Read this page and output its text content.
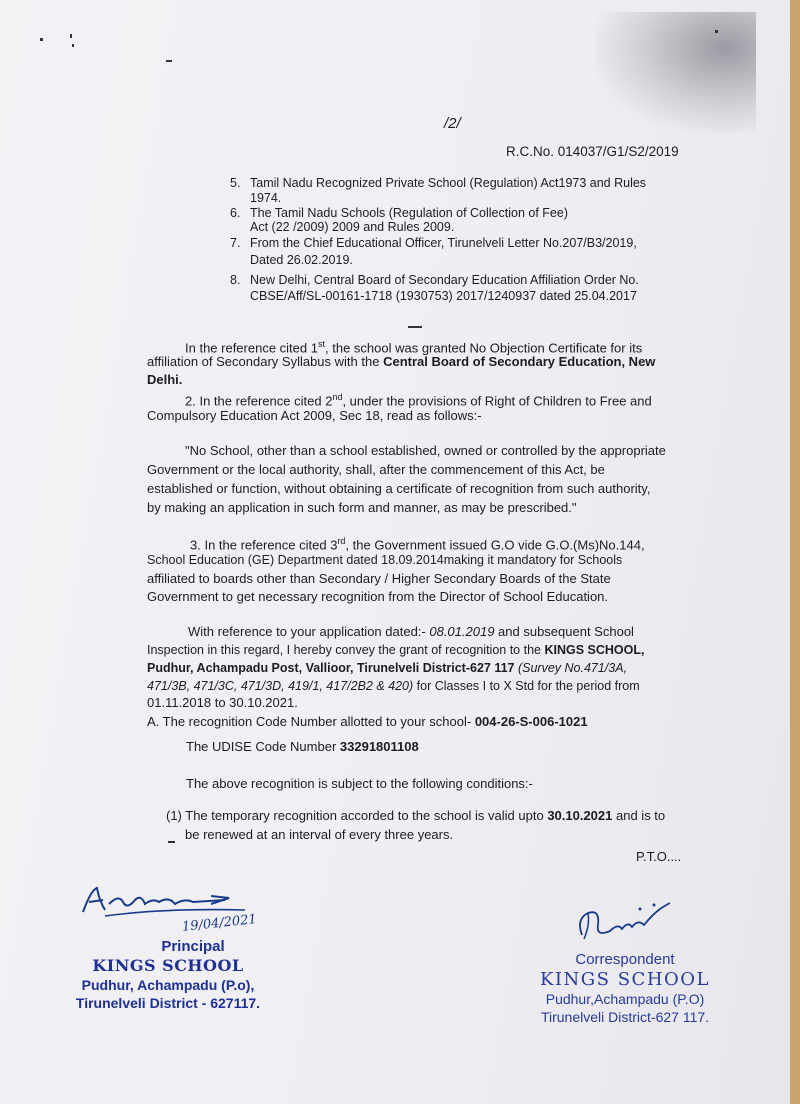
/2/

R.C.No. 014037/G1/S2/2019

5. Tamil Nadu Recognized Private School (Regulation) Act1973 and Rules

1974.

6. The Tamil Nadu Schools (Regulation of Collection of Fee)

Act (22 /2009) 2009 and Rules 2009.

7. From the Chief Educational Officer, Tirunelveli Letter No.207/B3/2019,

Dated 26.02.2019.

8. New Delhi, Central Board of Secondary Education Affiliation Order No.

CBSE/Aff/SL-00161-1718 (1930753) 2017/1240937 dated 25.04.2017

In the reference cited 1st, the school was granted No Objection Certificate for its

affiliation of Secondary Syllabus with the Central Board of Secondary Education, New

Delhi.

2. In the reference cited 2nd, under the provisions of Right of Children to Free and

Compulsory Education Act 2009, Sec 18, read as follows:-

"No School, other than a school established, owned or controlled by the appropriate

Government or the local authority, shall, after the commencement of this Act, be

established or function, without obtaining a certificate of recognition from such authority,

by making an application in such form and manner, as may be prescribed."

3. In the reference cited 3rd, the Government issued G.O vide G.O.(Ms)No.144,

School Education (GE) Department dated 18.09.2014making it mandatory for Schools

affiliated to boards other than Secondary / Higher Secondary Boards of the State

Government to get necessary recognition from the Director of School Education.

With reference to your application dated:- 08.01.2019 and subsequent School

Inspection in this regard, I hereby convey the grant of recognition to the KINGS SCHOOL,

Pudhur, Achampadu Post, Valliоor, Tirunelveli District-627 117 (Survey No.471/3A,

471/3B, 471/3C, 471/3D, 419/1, 417/2B2 & 420) for Classes I to X Std for the period from

01.11.2018 to 30.10.2021.

A. The recognition Code Number allotted to your school- 004-26-S-006-1021

The UDISE Code Number 33291801108

The above recognition is subject to the following conditions:-

(1) The temporary recognition accorded to the school is valid upto 30.10.2021 and is to

be renewed at an interval of every three years.

P.T.O....

19/04/2021

Principal
KINGS SCHOOL
Pudhur, Achampadu (P.o),
Tirunelveli District - 627117.
Correspondent
KINGS SCHOOL
Pudhur,Achampadu (P.O)
Tirunelveli District-627 117.
